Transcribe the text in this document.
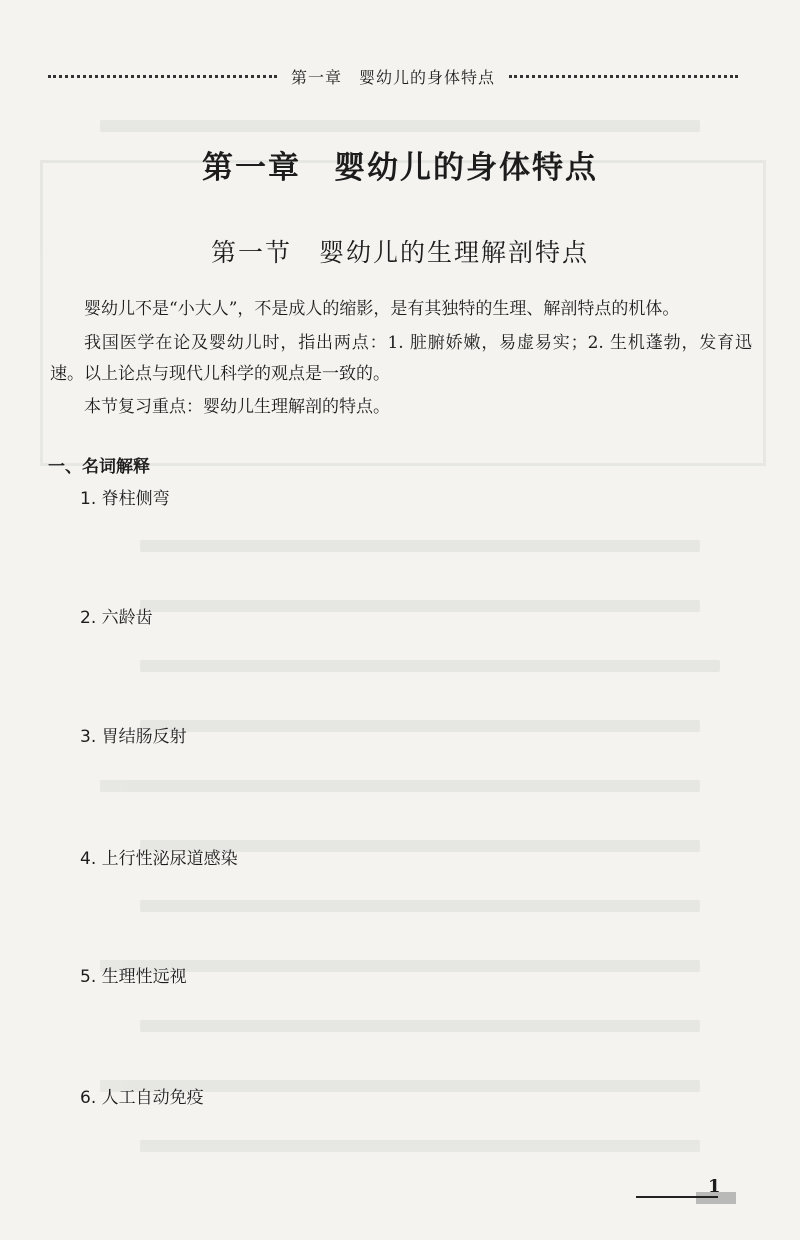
第一章　婴幼儿的身体特点
第一章　婴幼儿的身体特点
第一节　婴幼儿的生理解剖特点

婴幼儿不是“小大人”，不是成人的缩影，是有其独特的生理、解剖特点的机体。

我国医学在论及婴幼儿时，指出两点：1. 脏腑娇嫩，易虚易实；2. 生机蓬勃，发育迅速。以上论点与现代儿科学的观点是一致的。

本节复习重点：婴幼儿生理解剖的特点。

一、名词解释
1. 脊柱侧弯
2. 六龄齿
3. 胃结肠反射
4. 上行性泌尿道感染
5. 生理性远视
6. 人工自动免疫
1
